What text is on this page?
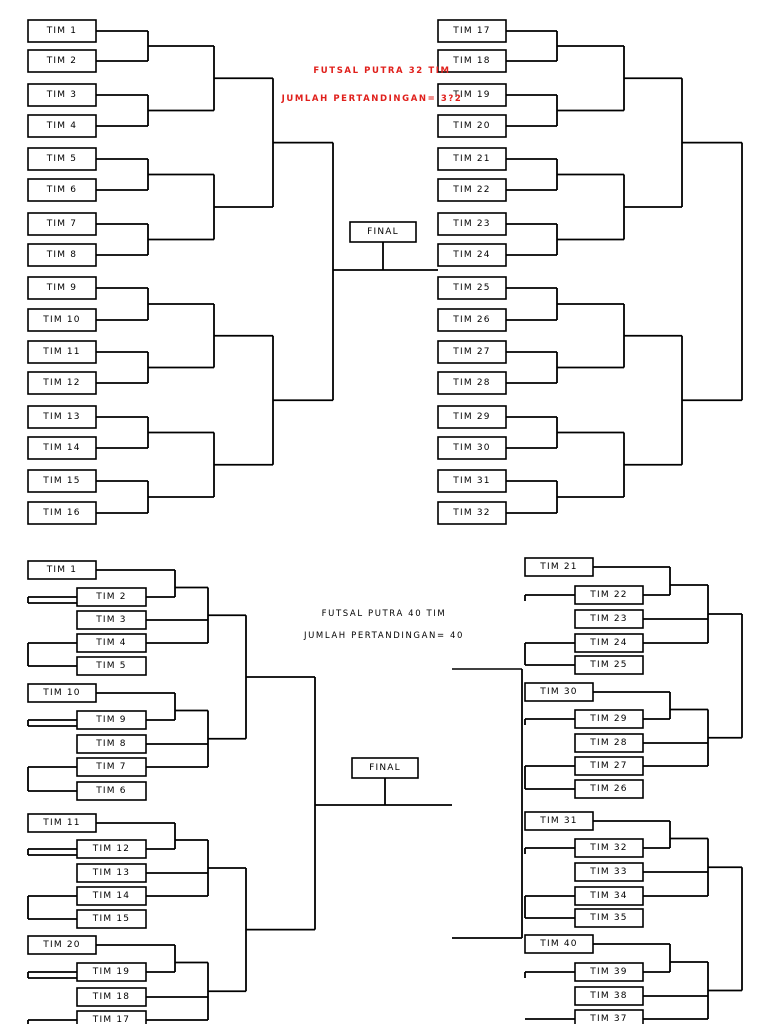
TIM 1
TIM 2
TIM 3
TIM 4
TIM 5
TIM 6
TIM 7
TIM 8
TIM 9
TIM 10
TIM 11
TIM 12
TIM 13
TIM 14
TIM 15
TIM 16
TIM 17
TIM 18
TIM 19
TIM 20
TIM 21
TIM 22
TIM 23
TIM 24
TIM 25
TIM 26
TIM 27
TIM 28
TIM 29
TIM 30
TIM 31
TIM 32
TIM 1
TIM 2
TIM 3
TIM 4
TIM 5
TIM 10
TIM 9
TIM 8
TIM 7
TIM 6
TIM 11
TIM 12
TIM 13
TIM 14
TIM 15
TIM 20
TIM 19
TIM 18
TIM 17
TIM 21
TIM 22
TIM 23
TIM 24
TIM 25
TIM 30
TIM 29
TIM 28
TIM 27
TIM 26
TIM 31
TIM 32
TIM 33
TIM 34
TIM 35
TIM 40
TIM 39
TIM 38
TIM 37
FUTSAL PUTRA 32 TIM
JUMLAH PERTANDINGAN= 3?2
FINAL
FUTSAL PUTRA 40 TIM
JUMLAH PERTANDINGAN= 40
FINAL
